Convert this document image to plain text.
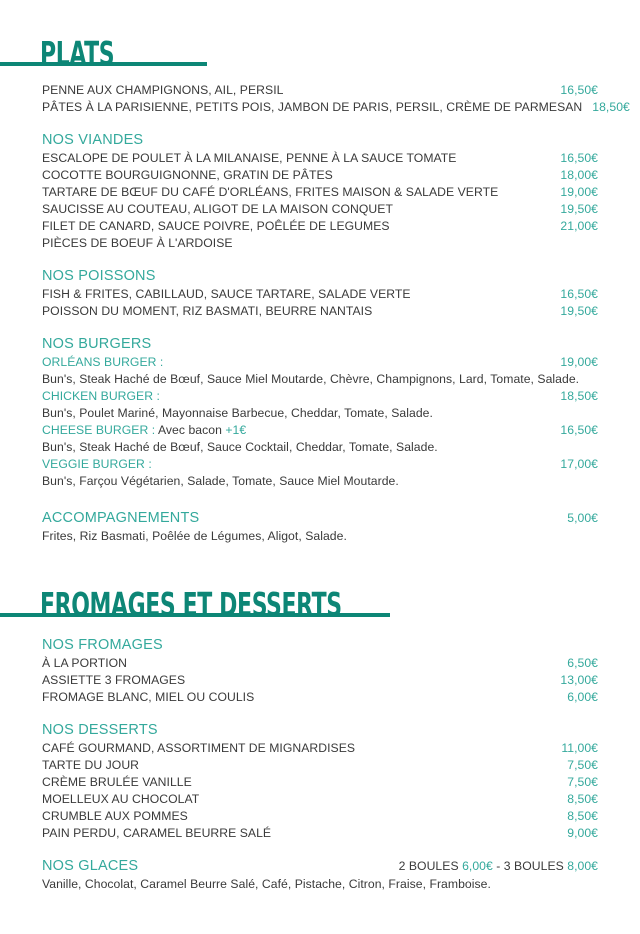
PLATS
PENNE AUX CHAMPIGNONS, AIL, PERSIL	16,50€
PÂTES À LA PARISIENNE, PETITS POIS, JAMBON DE PARIS, PERSIL, CRÈME DE PARMESAN 18,50€
NOS VIANDES
ESCALOPE DE POULET À LA MILANAISE, PENNE À LA SAUCE TOMATE	16,50€
COCOTTE BOURGUIGNONNE, GRATIN DE PÂTES	18,00€
TARTARE DE BŒUF DU CAFÉ D'ORLÉANS, FRITES MAISON & SALADE VERTE	19,00€
SAUCISSE AU COUTEAU, ALIGOT DE LA MAISON CONQUET	19,50€
FILET DE CANARD, SAUCE POIVRE, POÊLÉE DE LEGUMES	21,00€
PIÈCES DE BOEUF À L'ARDOISE
NOS POISSONS
FISH & FRITES, CABILLAUD, SAUCE TARTARE, SALADE VERTE	16,50€
POISSON DU MOMENT, RIZ BASMATI, BEURRE NANTAIS	19,50€
NOS BURGERS
ORLÉANS BURGER :	19,00€
Bun's, Steak Haché de Bœuf, Sauce Miel Moutarde, Chèvre, Champignons, Lard, Tomate, Salade.
CHICKEN BURGER :	18,50€
Bun's, Poulet Mariné, Mayonnaise Barbecue, Cheddar, Tomate, Salade.
CHEESE BURGER : Avec bacon +1€	16,50€
Bun's, Steak Haché de Bœuf, Sauce Cocktail, Cheddar, Tomate, Salade.
VEGGIE BURGER :	17,00€
Bun's, Farçou Végétarien, Salade, Tomate, Sauce Miel Moutarde.
ACCOMPAGNEMENTS	5,00€
Frites, Riz Basmati, Poêlée de Légumes, Aligot, Salade.
FROMAGES ET DESSERTS
NOS FROMAGES
À LA PORTION	6,50€
ASSIETTE 3 FROMAGES	13,00€
FROMAGE BLANC, MIEL OU COULIS	6,00€
NOS DESSERTS
CAFÉ GOURMAND, ASSORTIMENT DE MIGNARDISES	11,00€
TARTE DU JOUR	7,50€
CRÈME BRULÉE VANILLE	7,50€
MOELLEUX AU CHOCOLAT	8,50€
CRUMBLE AUX POMMES	8,50€
PAIN PERDU, CARAMEL BEURRE SALÉ	9,00€
NOS GLACES	2 BOULES 6,00€ - 3 BOULES 8,00€
Vanille, Chocolat, Caramel Beurre Salé, Café, Pistache, Citron, Fraise, Framboise.
